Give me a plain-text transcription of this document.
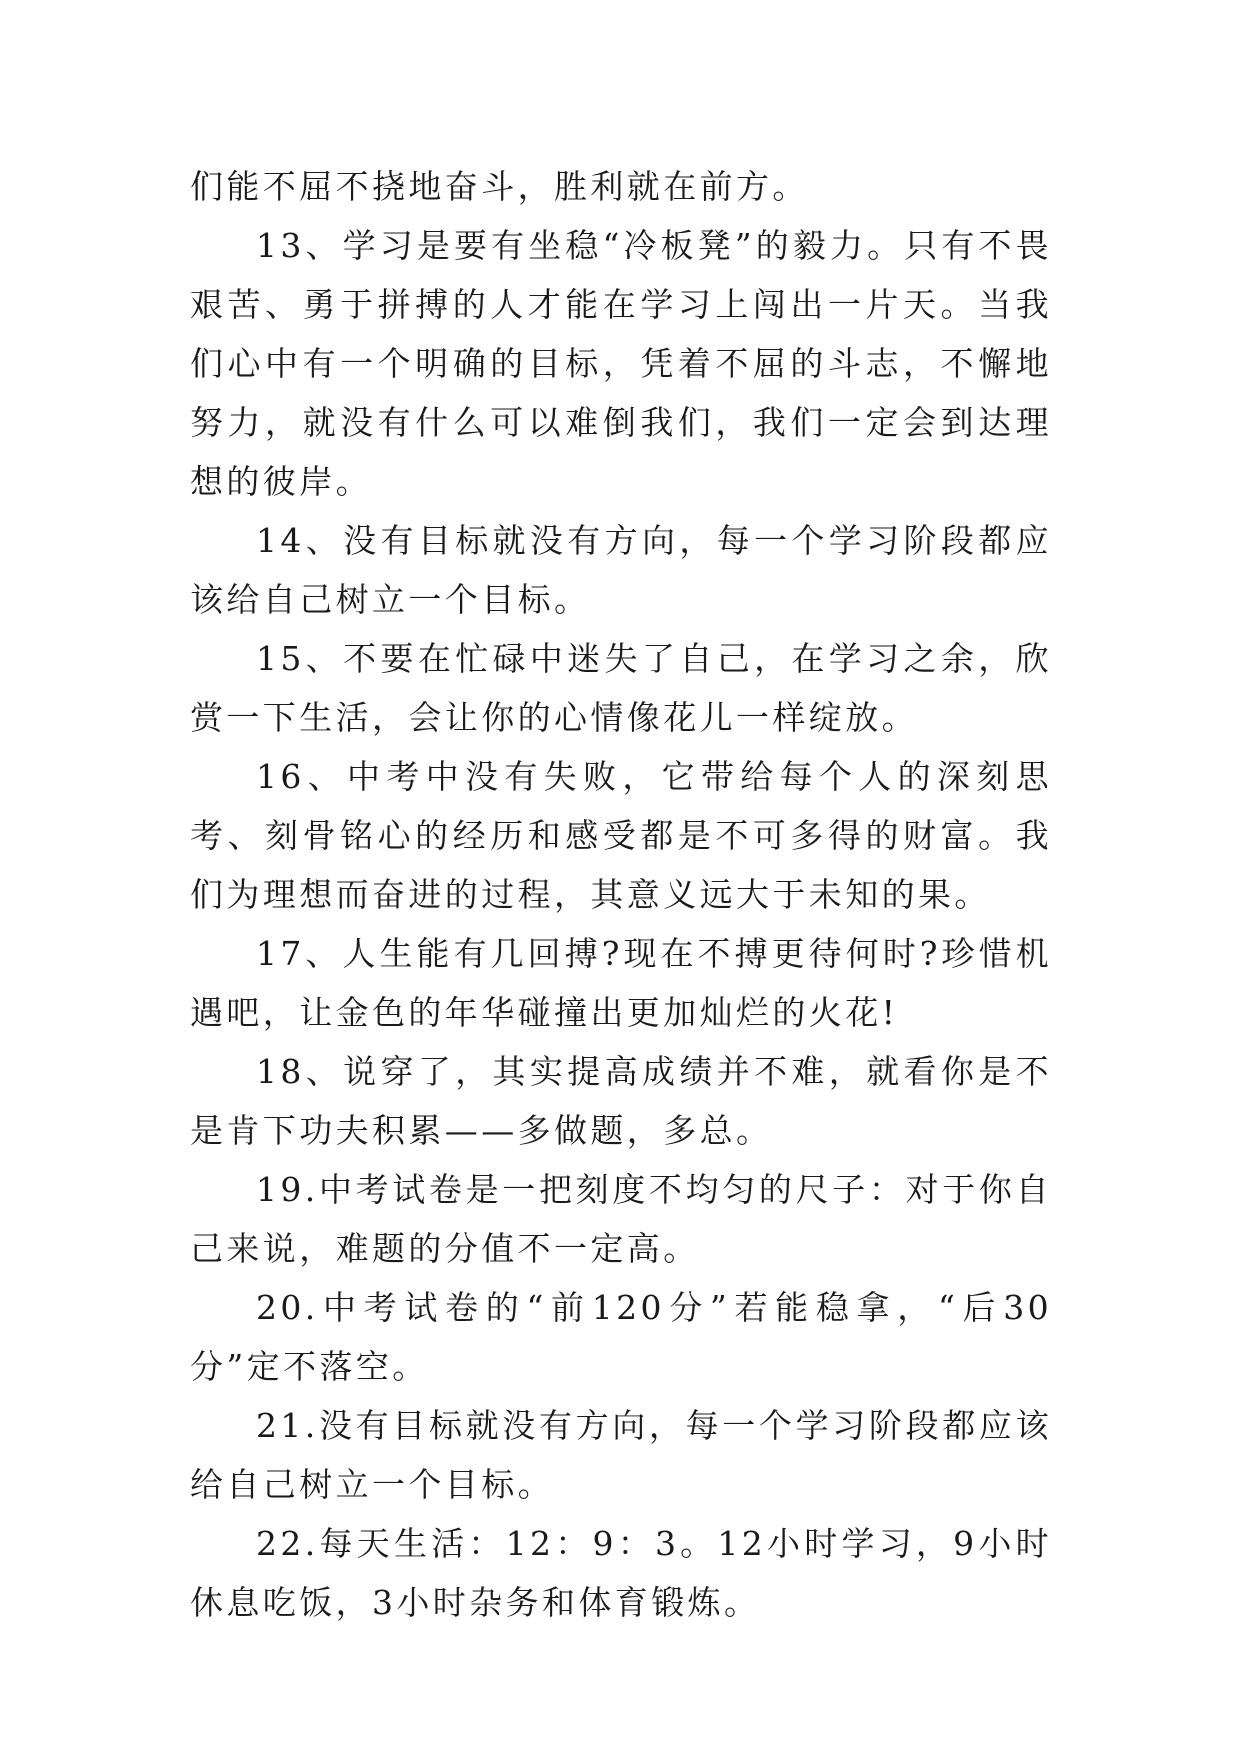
们能不屈不挠地奋斗，胜利就在前方。

13、学习是要有坐稳“冷板凳”的毅力。只有不畏艰苦、勇于拼搏的人才能在学习上闯出一片天。当我们心中有一个明确的目标，凭着不屈的斗志，不懈地努力，就没有什么可以难倒我们，我们一定会到达理想的彼岸。

14、没有目标就没有方向，每一个学习阶段都应该给自己树立一个目标。

15、不要在忙碌中迷失了自己，在学习之余，欣赏一下生活，会让你的心情像花儿一样绽放。

16、中考中没有失败，它带给每个人的深刻思考、刻骨铭心的经历和感受都是不可多得的财富。我们为理想而奋进的过程，其意义远大于未知的果。

17、人生能有几回搏?现在不搏更待何时?珍惜机遇吧，让金色的年华碰撞出更加灿烂的火花!

18、说穿了，其实提高成绩并不难，就看你是不是肯下功夫积累——多做题，多总。

19.中考试卷是一把刻度不均匀的尺子：对于你自己来说，难题的分值不一定高。

20.中考试卷的“前120分”若能稳拿，“后30分”定不落空。

21.没有目标就没有方向，每一个学习阶段都应该给自己树立一个目标。

22.每天生活：12：9：3。12小时学习，9小时休息吃饭，3小时杂务和体育锻炼。
